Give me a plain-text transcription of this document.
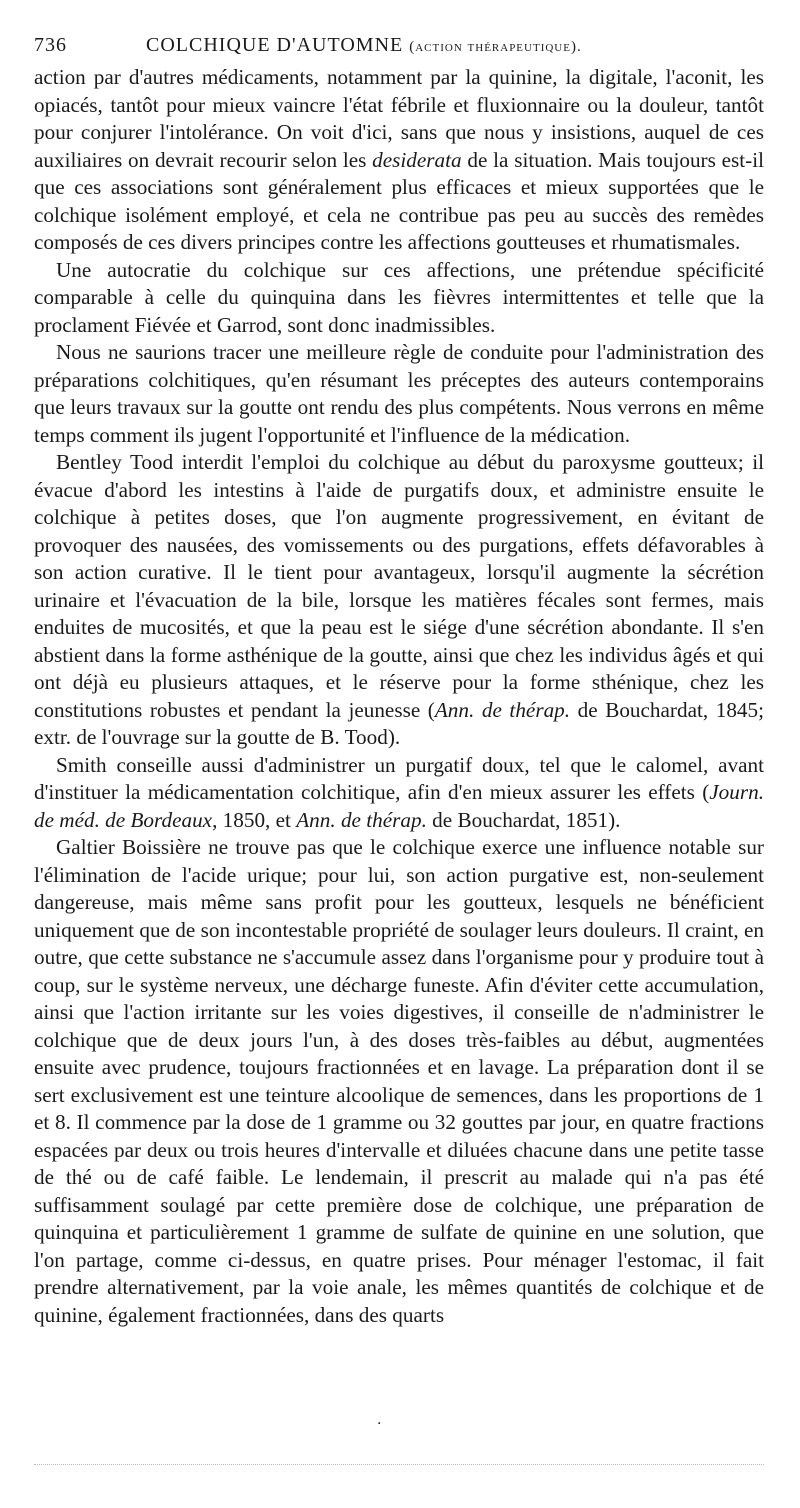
736	COLCHIQUE D'AUTOMNE (action thérapeutique).

action par d'autres médicaments, notamment par la quinine, la digitale, l'aconit, les opiacés, tantôt pour mieux vaincre l'état fébrile et fluxionnaire ou la douleur, tantôt pour conjurer l'intolérance. On voit d'ici, sans que nous y insistions, auquel de ces auxiliaires on devrait recourir selon les desiderata de la situation. Mais toujours est-il que ces associations sont généralement plus efficaces et mieux supportées que le colchique isolément employé, et cela ne contribue pas peu au succès des remèdes composés de ces divers principes contre les affections goutteuses et rhumatismales.

Une autocratie du colchique sur ces affections, une prétendue spécificité comparable à celle du quinquina dans les fièvres intermittentes et telle que la proclament Fiévée et Garrod, sont donc inadmissibles.

Nous ne saurions tracer une meilleure règle de conduite pour l'administration des préparations colchitiques, qu'en résumant les préceptes des auteurs contemporains que leurs travaux sur la goutte ont rendu des plus compétents. Nous verrons en même temps comment ils jugent l'opportunité et l'influence de la médication.

Bentley Tood interdit l'emploi du colchique au début du paroxysme goutteux; il évacue d'abord les intestins à l'aide de purgatifs doux, et administre ensuite le colchique à petites doses, que l'on augmente progressivement, en évitant de provoquer des nausées, des vomissements ou des purgations, effets défavorables à son action curative. Il le tient pour avantageux, lorsqu'il augmente la sécrétion urinaire et l'évacuation de la bile, lorsque les matières fécales sont fermes, mais enduites de mucosités, et que la peau est le siége d'une sécrétion abondante. Il s'en abstient dans la forme asthénique de la goutte, ainsi que chez les individus âgés et qui ont déjà eu plusieurs attaques, et le réserve pour la forme sthénique, chez les constitutions robustes et pendant la jeunesse (Ann. de thérap. de Bouchardat, 1845; extr. de l'ouvrage sur la goutte de B. Tood).

Smith conseille aussi d'administrer un purgatif doux, tel que le calomel, avant d'instituer la médicamentation colchitique, afin d'en mieux assurer les effets (Journ. de méd. de Bordeaux, 1850, et Ann. de thérap. de Bouchardat, 1851).

Galtier Boissière ne trouve pas que le colchique exerce une influence notable sur l'élimination de l'acide urique; pour lui, son action purgative est, non-seulement dangereuse, mais même sans profit pour les goutteux, lesquels ne bénéficient uniquement que de son incontestable propriété de soulager leurs douleurs. Il craint, en outre, que cette substance ne s'accumule assez dans l'organisme pour y produire tout à coup, sur le système nerveux, une décharge funeste. Afin d'éviter cette accumulation, ainsi que l'action irritante sur les voies digestives, il conseille de n'administrer le colchique que de deux jours l'un, à des doses très-faibles au début, augmentées ensuite avec prudence, toujours fractionnées et en lavage. La préparation dont il se sert exclusivement est une teinture alcoolique de semences, dans les proportions de 1 et 8. Il commence par la dose de 1 gramme ou 32 gouttes par jour, en quatre fractions espacées par deux ou trois heures d'intervalle et diluées chacune dans une petite tasse de thé ou de café faible. Le lendemain, il prescrit au malade qui n'a pas été suffisamment soulagé par cette première dose de colchique, une préparation de quinquina et particulièrement 1 gramme de sulfate de quinine en une solution, que l'on partage, comme ci-dessus, en quatre prises. Pour ménager l'estomac, il fait prendre alternativement, par la voie anale, les mêmes quantités de colchique et de quinine, également fractionnées, dans des quarts

·
